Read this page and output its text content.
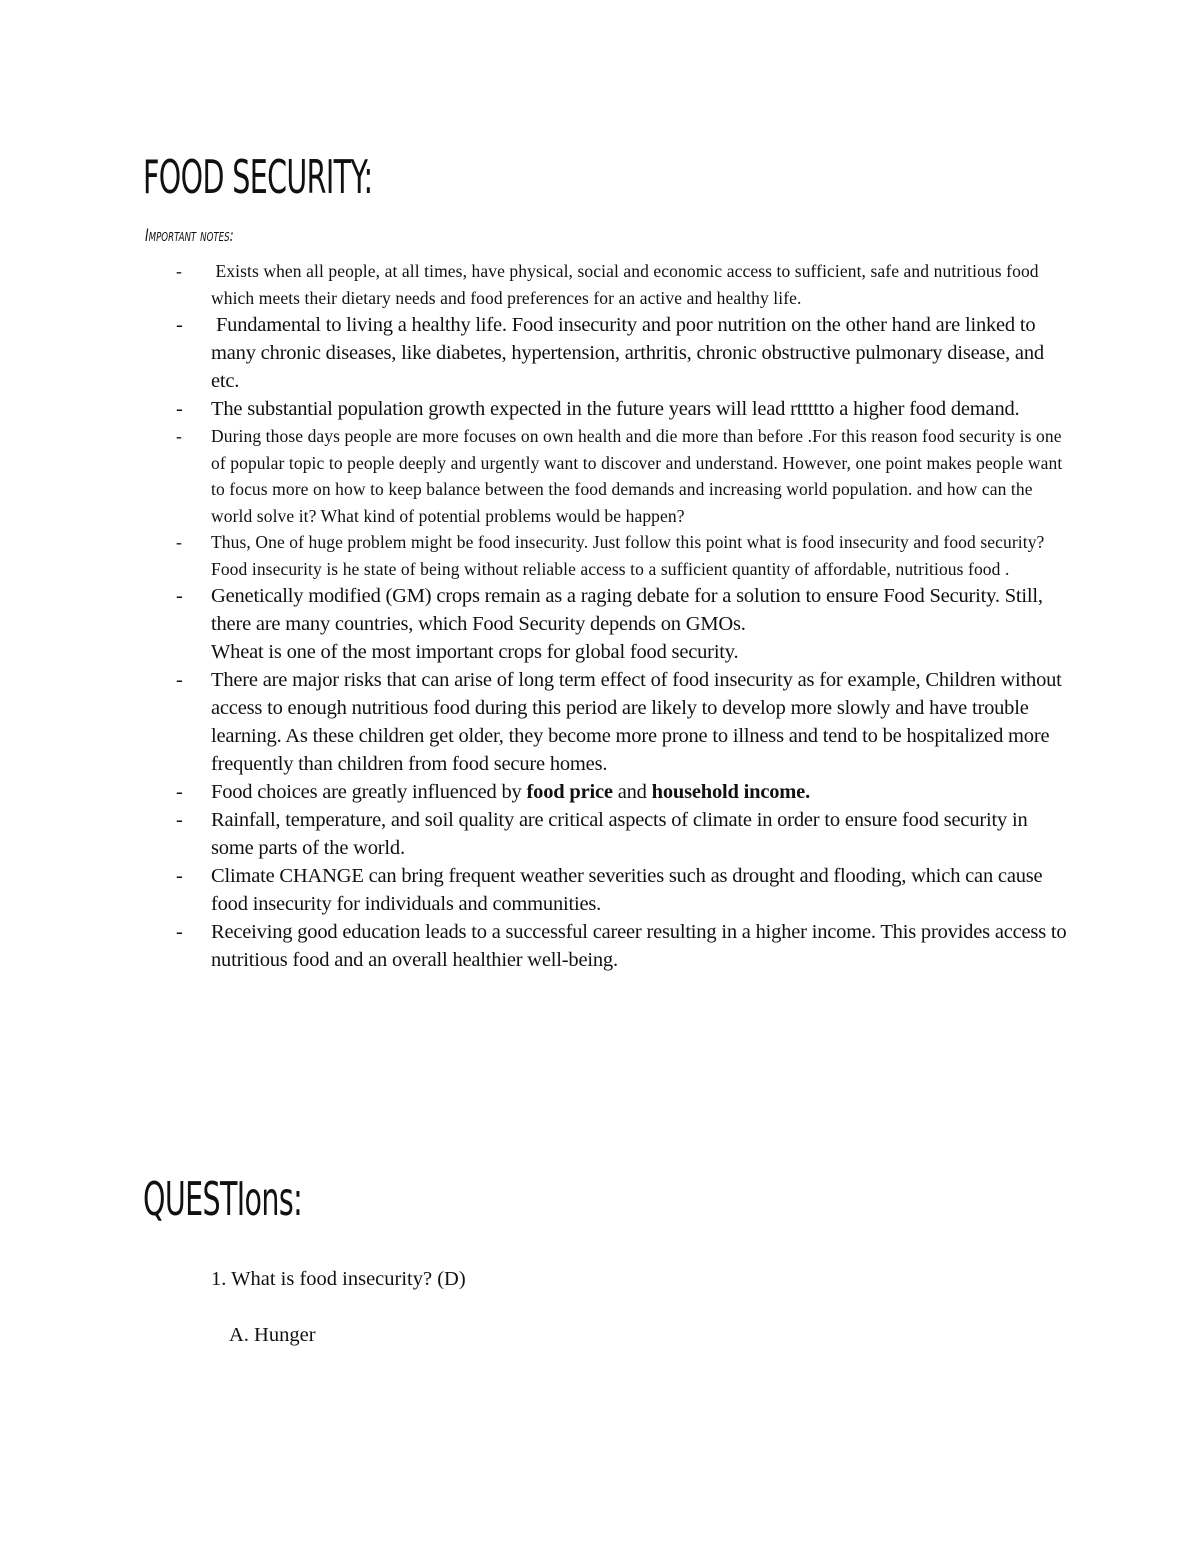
FOOD SECURITY:
Important notes:
- Exists when all people, at all times, have physical, social and economic access to sufficient, safe and nutritious food which meets their dietary needs and food preferences for an active and healthy life.
- Fundamental to living a healthy life. Food insecurity and poor nutrition on the other hand are linked to many chronic diseases, like diabetes, hypertension, arthritis, chronic obstructive pulmonary disease, and etc.
- The substantial population growth expected in the future years will lead rttttto a higher food demand.
- During those days people are more focuses on own health and die more than before .For this reason food security is one of popular topic to people deeply and urgently want to discover and understand. However, one point makes people want to focus more on how to keep balance between the food demands and increasing world population. and how can the world solve it? What kind of potential problems would be happen?
- Thus, One of huge problem might be food insecurity. Just follow this point what is food insecurity and food security? Food insecurity is he state of being without reliable access to a sufficient quantity of affordable, nutritious food .
- Genetically modified (GM) crops remain as a raging debate for a solution to ensure Food Security. Still, there are many countries, which Food Security depends on GMOs.
Wheat is one of the most important crops for global food security.
- There are major risks that can arise of long term effect of food insecurity as for example, Children without access to enough nutritious food during this period are likely to develop more slowly and have trouble learning. As these children get older, they become more prone to illness and tend to be hospitalized more frequently than children from food secure homes.
- Food choices are greatly influenced by food price and household income.
- Rainfall, temperature, and soil quality are critical aspects of climate in order to ensure food security in some parts of the world.
- Climate CHANGE can bring frequent weather severities such as drought and flooding, which can cause food insecurity for individuals and communities.
- Receiving good education leads to a successful career resulting in a higher income. This provides access to nutritious food and an overall healthier well-being.
QUESTIons:
1. What is food insecurity? (D)
A. Hunger
